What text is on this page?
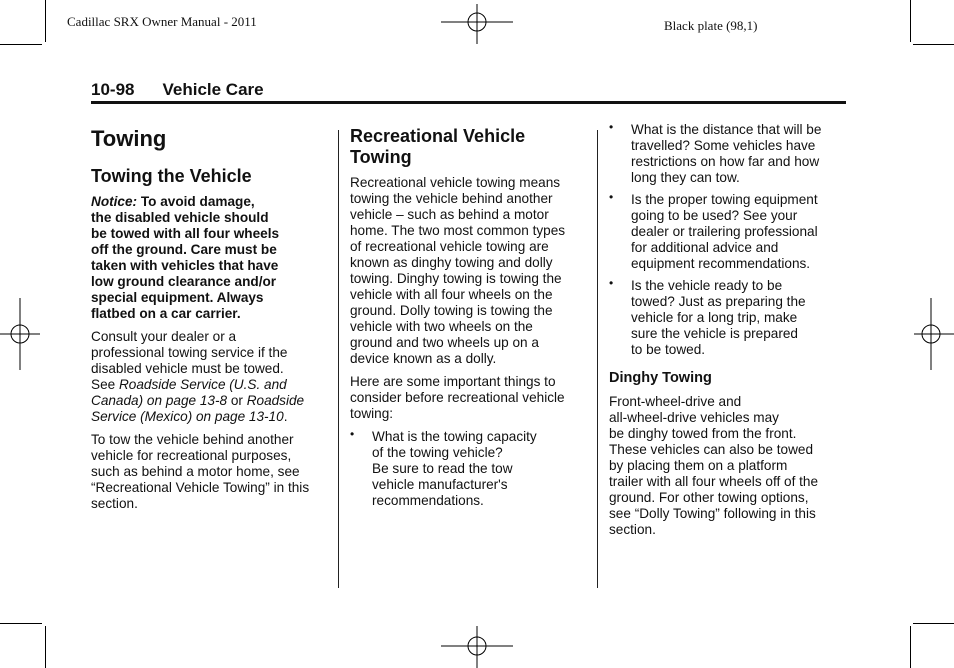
Cadillac SRX Owner Manual - 2011	Black plate (98,1)
10-98 Vehicle Care
Towing
Towing the Vehicle
Notice: To avoid damage,
the disabled vehicle should
be towed with all four wheels
off the ground. Care must be
taken with vehicles that have
low ground clearance and/or
special equipment. Always
flatbed on a car carrier.

Consult your dealer or a
professional towing service if the
disabled vehicle must be towed.
See Roadside Service (U.S. and
Canada) on page 13-8 or Roadside
Service (Mexico) on page 13-10.

To tow the vehicle behind another
vehicle for recreational purposes,
such as behind a motor home, see
“Recreational Vehicle Towing” in this
section.

Recreational Vehicle
Towing

Recreational vehicle towing means
towing the vehicle behind another
vehicle – such as behind a motor
home. The two most common types
of recreational vehicle towing are
known as dinghy towing and dolly
towing. Dinghy towing is towing the
vehicle with all four wheels on the
ground. Dolly towing is towing the
vehicle with two wheels on the
ground and two wheels up on a
device known as a dolly.

Here are some important things to
consider before recreational vehicle
towing:

• What is the towing capacity
of the towing vehicle?
Be sure to read the tow
vehicle manufacturer's
recommendations.
• What is the distance that will be
travelled? Some vehicles have
restrictions on how far and how
long they can tow.
• Is the proper towing equipment
going to be used? See your
dealer or trailering professional
for additional advice and
equipment recommendations.
• Is the vehicle ready to be
towed? Just as preparing the
vehicle for a long trip, make
sure the vehicle is prepared
to be towed.
Dinghy Towing

Front-wheel-drive and
all-wheel-drive vehicles may
be dinghy towed from the front.
These vehicles can also be towed
by placing them on a platform
trailer with all four wheels off of the
ground. For other towing options,
see “Dolly Towing” following in this
section.
